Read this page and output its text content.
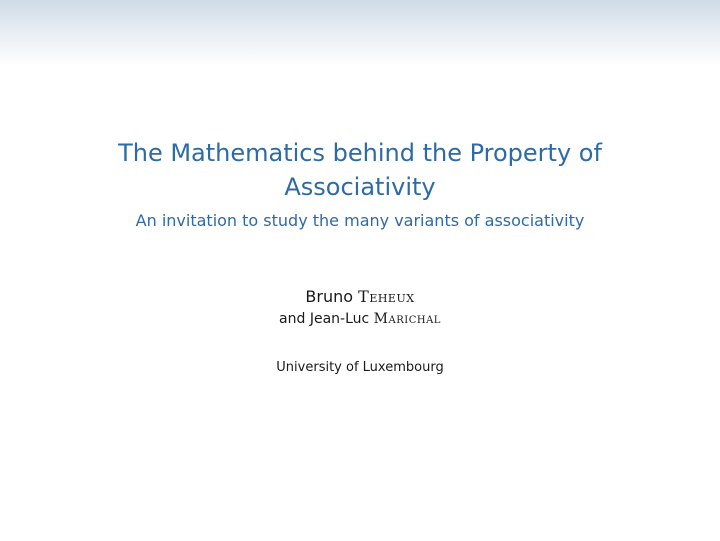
The Mathematics behind the Property of Associativity
An invitation to study the many variants of associativity
Bruno Teheux
and Jean-Luc Marichal
University of Luxembourg
